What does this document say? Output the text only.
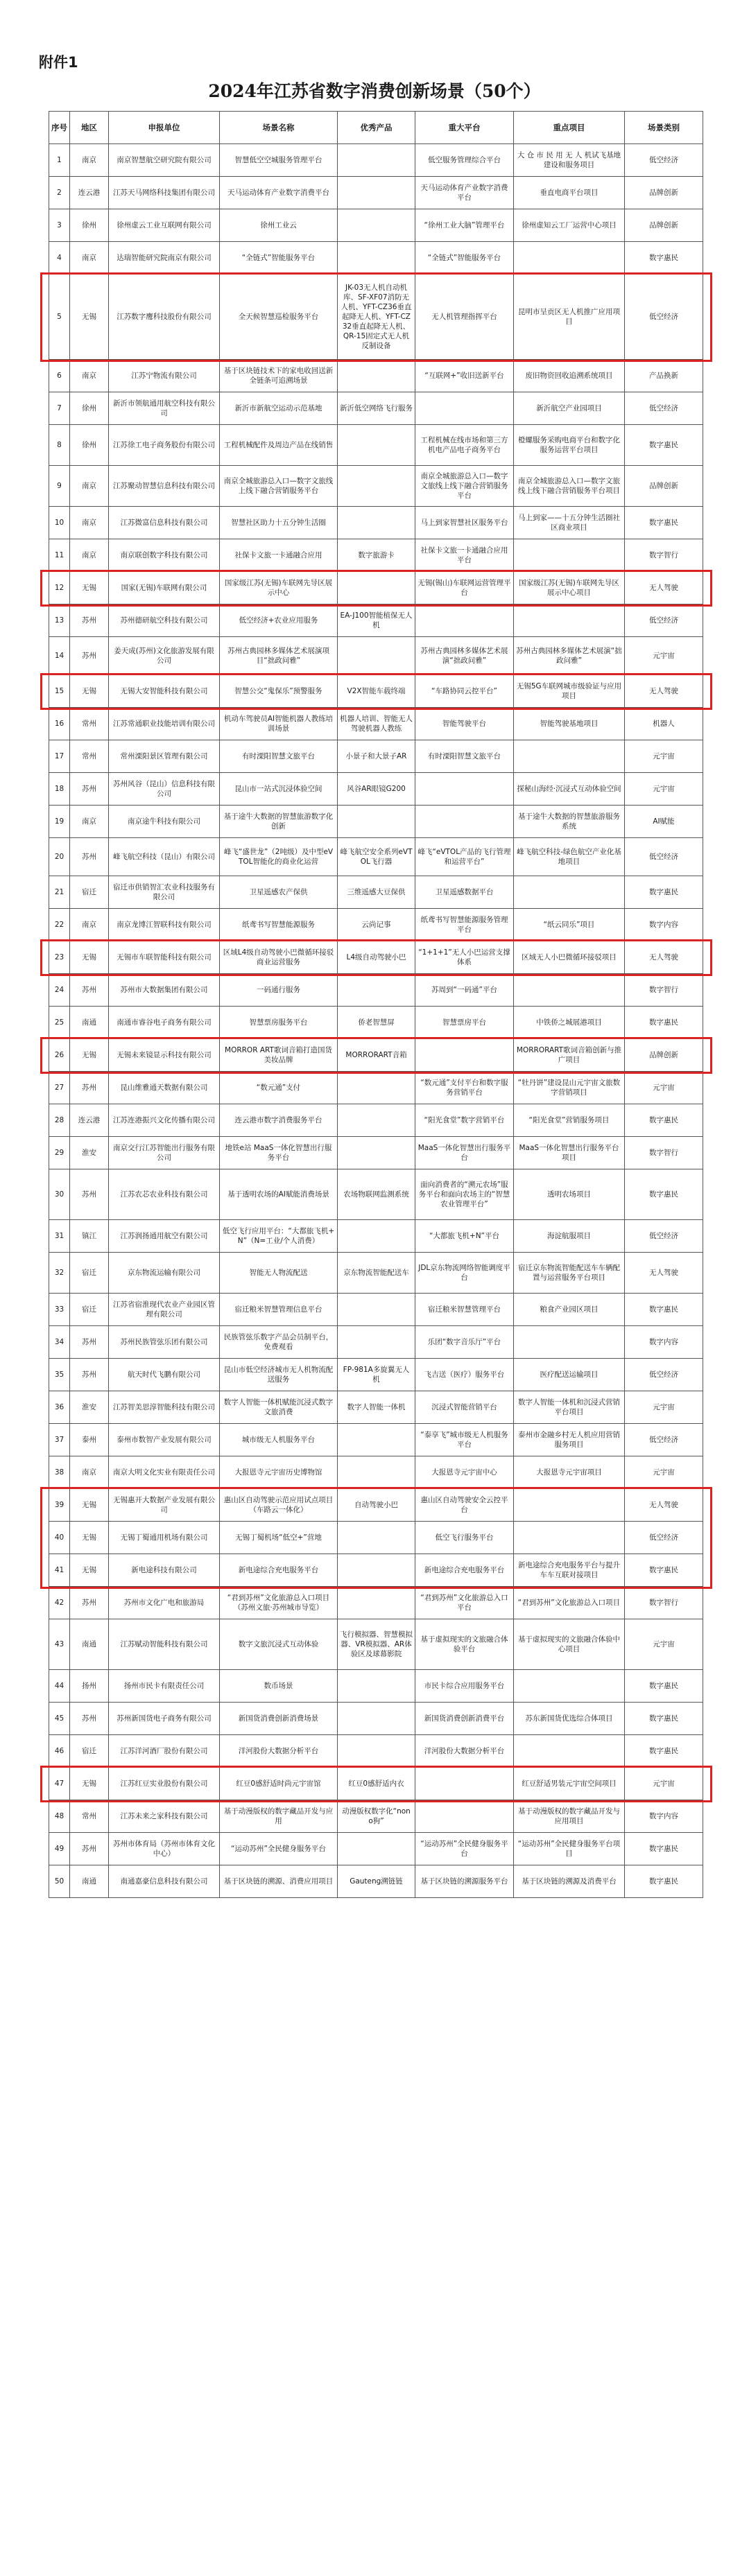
附件1
2024年江苏省数字消费创新场景（50个）
序号	地区	申报单位	场景名称	优秀产品	重大平台	重点项目	场景类别
1	南京	南京智慧航空研究院有限公司	智慧低空空城服务管理平台		低空服务管理综合平台	大 仓 市 民 用 无 人 机试飞基地建设和服务项目	低空经济
2	连云港	江苏天马网络科技集团有限公司	天马运动体育产业数字消费平台		天马运动体育产业数字消费平台	垂直电商平台项目	品牌创新
3	徐州	徐州虚云工业互联网有限公司	徐州工业云		“徐州工业大脑”管理平台	徐州虚知云工厂运营中心项目	品牌创新
4	南京	达瑞智能研究院南京有限公司	“全链式”智能服务平台		“全链式”智能服务平台		数字惠民
5	无锡	江苏数字鹰科技股份有限公司	全天候智慧巡检服务平台	JK-03无人机自动机库、SF-XF07消防无人机、YFT-CZ36垂直起降无人机、YFT-CZ32垂直起降无人机、QR-15固定式无人机反制设备	无人机管理指挥平台	昆明市呈贡区无人机推广应用项目	低空经济
6	南京	江苏宁物流有限公司	基于区块链技术下的家电收回送新全链条可追溯场景		“互联网+”收旧送新平台	废旧物资回收追溯系统项目	产品换新
7	徐州	新沂市领航通用航空科技有限公司	新沂市新航空运动示范基地	新沂低空网络飞行服务		新沂航空产业园项目	低空经济
8	徐州	江苏徐工电子商务股份有限公司	工程机械配件及周边产品在线销售		工程机械在线市场和第三方机电产品电子商务平台	橙螺服务采购电商平台和数字化服务运营平台项目	数字惠民
9	南京	江苏聚动智慧信息科技有限公司	南京全城旅游总入口—数字文旅线上线下融合营销服务平台		南京全城旅游总入口—数字文旅线上线下融合营销服务平台	南京全城旅游总入口—数字文旅线上线下融合营销服务平台项目	品牌创新
10	南京	江苏微富信息科技有限公司	智慧社区助力十五分钟生活圈		马上到家智慧社区服务平台	马上到家——十五分钟生活圈社区商业项目	数字惠民
11	南京	南京联创数字科技有限公司	社保卡文旅一卡通融合应用	数字旅游卡	社保卡文旅一卡通融合应用平台		数字智行
12	无锡	国家(无锡)车联网有限公司	国家级江苏(无锡)车联网先导区展示中心		无锡(锡山)车联网运营管理平台	国家级江苏(无锡)车联网先导区展示中心项目	无人驾驶
13	苏州	苏州德研航空科技有限公司	低空经济+农业应用服务	EA-J100智能植保无人机			低空经济
14	苏州	姜天成(苏州)文化旅游发展有限公司	苏州古典园林多媒体艺术展演项目“拙政问雅”		苏州古典园林多媒体艺术展演“拙政问雅”	苏州古典园林多媒体艺术展演“拙政问雅”	元宇宙
15	无锡	无锡大安智能科技有限公司	智慧公交“鬼保乐”预警服务	V2X智能车载终端	“车路协同云控平台”	无锡5G车联网城市级验证与应用项目	无人驾驶
16	常州	江苏常通职业技能培训有限公司	机动车驾驶员AI智能机器人教练培训场景	机器人培训、智能无人驾驶机器人教练	智能驾驶平台	智能驾驶基地项目	机器人
17	常州	常州溧阳景区管理有限公司	有时溧阳智慧文旅平台	小景子和大景子AR	有时溧阳智慧文旅平台		元宇宙
18	苏州	苏州风谷（昆山）信息科技有限公司	昆山市一站式沉浸体验空间	风谷AR眼镜G200		探秘山海经·沉浸式互动体验空间	元宇宙
19	南京	南京途牛科技有限公司	基于途牛大数据的智慧旅游数字化创新			基于途牛大数据的智慧旅游服务系统	AI赋能
20	苏州	峰飞航空科技（昆山）有限公司	峰飞“盛世龙”（2吨级）及中型eVTOL智能化的商业化运营	峰飞航空安全系列eVTOL飞行器	峰飞“eVTOL产品的飞行管理和运营平台”	峰飞航空科技-绿色航空产业化基地项目	低空经济
21	宿迁	宿迁市供销智汇农业科技服务有限公司	卫星遥感农产保供	三维遥感大豆保供	卫星遥感数据平台		数字惠民
22	南京	南京龙博江智联科技有限公司	纸鸢书写智慧能源服务	云尚记事	纸鸢书写智慧能源服务管理平台	“纸云同乐”项目	数字内容
23	无锡	无锡市车联智能科技有限公司	区域L4级自动驾驶小巴微循环接驳商业运营服务	L4级自动驾驶小巴	“1+1+1”无人小巴运营支撑体系	区域无人小巴微循环接驳项目	无人驾驶
24	苏州	苏州市大数据集团有限公司	一码通行服务		苏周到“一码通”平台		数字智行
25	南通	南通市睿谷电子商务有限公司	智慧票房服务平台	侨老智慧屏	智慧票房平台	中铁侨之城展港项目	数字惠民
26	无锡	无锡未来镜显示科技有限公司	MORROR ART歌词音箱打造国货美妆品牌	MORRORART音箱		MORRORART歌词音箱创新与推广项目	品牌创新
27	苏州	昆山维雅通天数据有限公司	“数元通”支付		“数元通”支付平台和数字服务营销平台	“牡丹饼”建设昆山元宇宙文旅数字营销项目	元宇宙
28	连云港	江苏连港振兴文化传播有限公司	连云港市数字消费服务平台		“阳光食堂”数字营销平台	“阳光食堂”营销服务项目	数字惠民
29	淮安	南京交行江苏智能出行服务有限公司	地铁e站 MaaS一体化智慧出行服务平台		MaaS一体化智慧出行服务平台	MaaS一体化智慧出行服务平台项目	数字智行
30	苏州	江苏农芯农业科技有限公司	基于透明农场的AI赋能消费场景	农场物联网监测系统	面向消费者的“溯元农场”服务平台和面向农场主的“智慧农业管理平台”	透明农场项目	数字惠民
31	镇江	江苏润扬通用航空有限公司	低空飞行应用平台：“大都旅飞机+N”（N=工业/个人消费）		“大都旅飞机+N”平台	海淀航服项目	低空经济
32	宿迁	京东物流运输有限公司	智能无人物流配送	京东物流智能配送车	JDL京东物流网络智能调度平台	宿迁京东物流智能配送车车辆配置与运营服务平台项目	无人驾驶
33	宿迁	江苏省宿淮现代农业产业园区管理有限公司	宿迁粮米智慧管理信息平台		宿迁粮米智慧管理平台	粮食产业园区项目	数字惠民
34	苏州	苏州民族管弦乐团有限公司	民族管弦乐数字产品会员制平台，免费观看		乐团“数字音乐厅”平台		数字内容
35	苏州	航天时代飞鹏有限公司	昆山市低空经济城市无人机物流配送服务	FP-981A多旋翼无人机	飞吉送（医疗）服务平台	医疗配送运输项目	低空经济
36	淮安	江苏智美思淳智能科技有限公司	数字人智能一体机赋能沉浸式数字文旅消费	数字人智能一体机	沉浸式智能营销平台	数字人智能一体机和沉浸式营销平台项目	元宇宙
37	泰州	泰州市数智产业发展有限公司	城市级无人机服务平台		“泰享飞”城市级无人机服务平台	泰州市金融乡村无人机应用营销服务项目	低空经济
38	南京	南京大明文化实业有限责任公司	大报恩寺元宇宙历史博物馆		大报恩寺元宇宙中心	大报恩寺元宇宙项目	元宇宙
39	无锡	无锡惠开大数据产业发展有限公司	惠山区自动驾驶示范应用试点项目（车路云一体化）	自动驾驶小巴	惠山区自动驾驶安全云控平台		无人驾驶
40	无锡	无锡丁蜀通用机场有限公司	无锡丁蜀机场“低空+”营地		低空飞行服务平台		低空经济
41	无锡	新电途科技有限公司	新电途综合充电服务平台		新电途综合充电服务平台	新电途综合充电服务平台与提升车车互联对接项目	数字惠民
42	苏州	苏州市文化广电和旅游局	“君到苏州”文化旅游总入口项目（苏州文旅·苏州城市导览）		“君到苏州”文化旅游总入口平台	“君到苏州”文化旅游总入口项目	数字智行
43	南通	江苏赋动智能科技有限公司	数字文旅沉浸式互动体验	飞行模拟器、智慧模拟器、VR模拟器、AR体验区及球幕影院	基于虚拟现实的文旅融合体验平台	基于虚拟现实的文旅融合体验中心项目	元宇宙
44	扬州	扬州市民卡有限责任公司	数币场景		市民卡综合应用服务平台		数字惠民
45	苏州	苏州新国货电子商务有限公司	新国货消费创新消费场景		新国货消费创新消费平台	苏东新国货优选综合体项目	数字惠民
46	宿迁	江苏洋河酒厂股份有限公司	洋河股份大数据分析平台		洋河股份大数据分析平台		数字惠民
47	无锡	江苏红豆实业股份有限公司	红豆0感舒适时尚元宇宙馆	红豆0感舒适内衣		红豆舒适男装元宇宙空间项目	元宇宙
48	常州	江苏未来之家科技有限公司	基于动漫版权的数字藏品开发与应用	动漫版权数字化“nono狗”		基于动漫版权的数字藏品开发与应用项目	数字内容
49	苏州	苏州市体育局（苏州市体育文化中心）	“运动苏州”全民健身服务平台		“运动苏州”全民健身服务平台	“运动苏州”全民健身服务平台项目	数字惠民
50	南通	南通嘉豪信息科技有限公司	基于区块链的溯源、消费应用项目	Gauteng溯链链	基于区块链的溯源服务平台	基于区块链的溯源及消费平台	数字惠民
